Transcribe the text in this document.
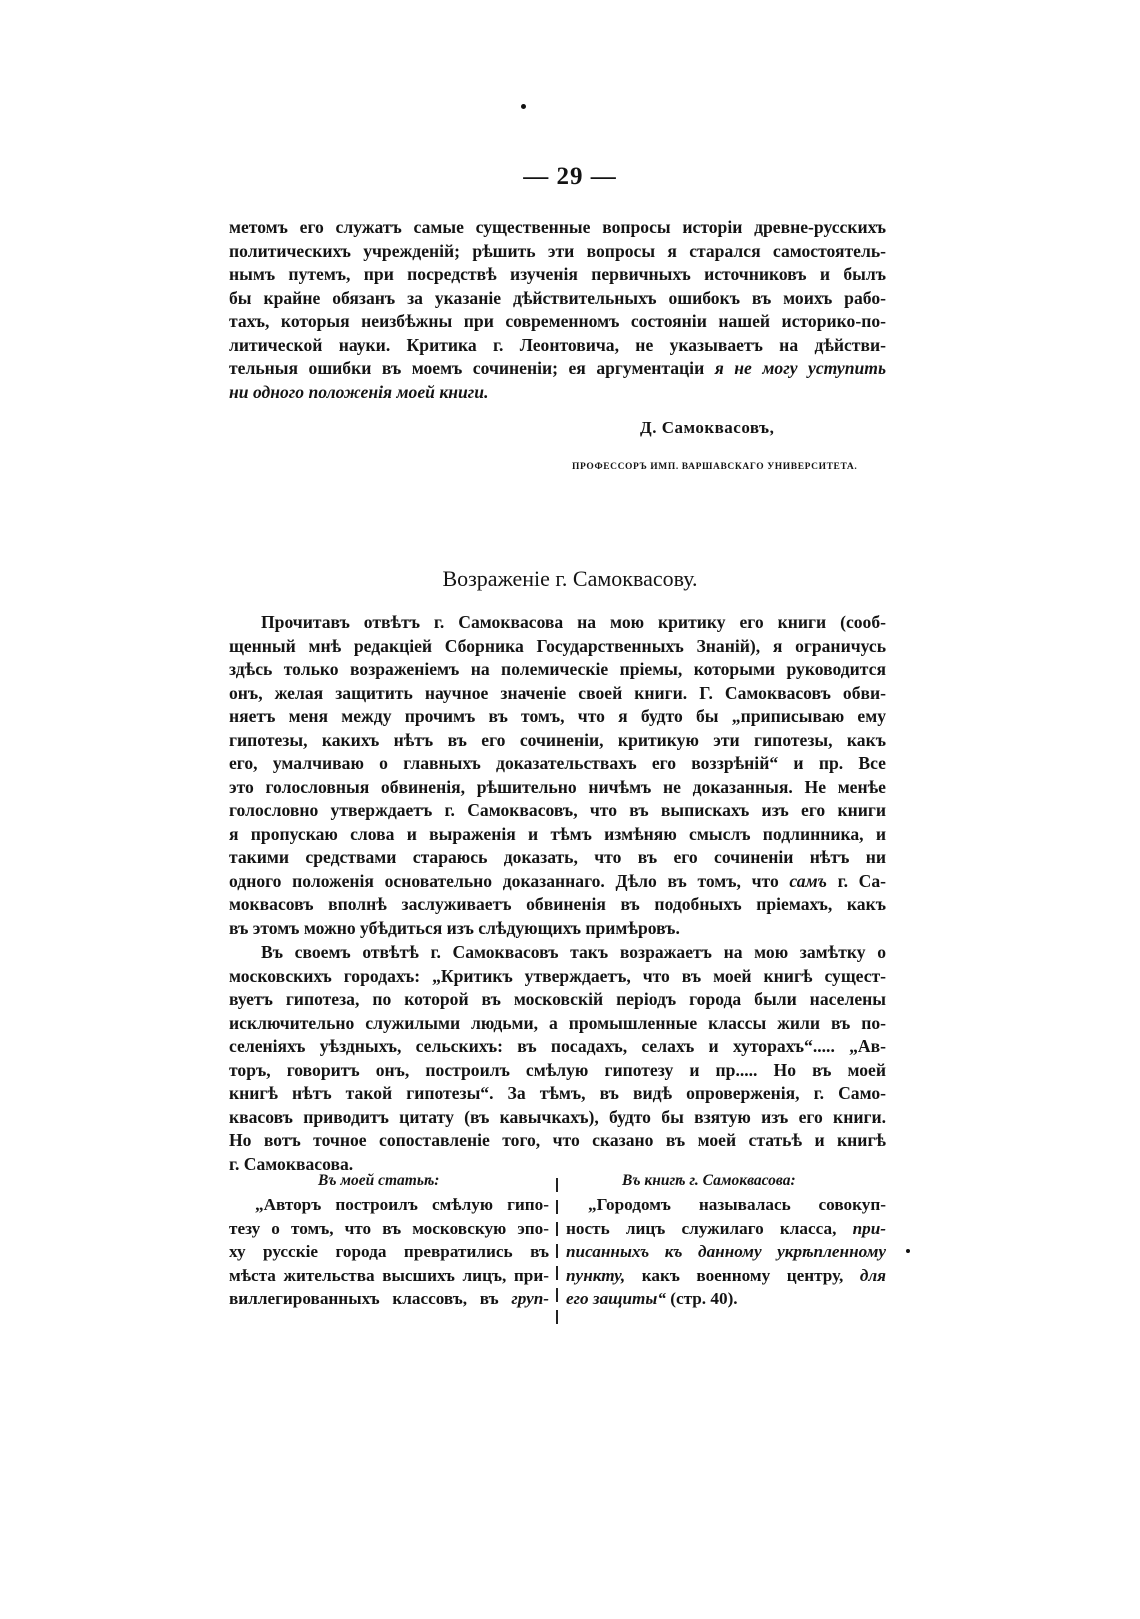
— 29 —
метомъ его служатъ самые существенные вопросы исторіи древне-русскихъ
политическихъ учрежденій; рѣшить эти вопросы я старался самостоятель-
нымъ путемъ, при посредствѣ изученія первичныхъ источниковъ и былъ
бы крайне обязанъ за указаніе дѣйствительныхъ ошибокъ въ моихъ рабо-
тахъ, которыя неизбѣжны при современномъ состояніи нашей историко-по-
литической науки. Критика г. Леонтовича, не указываетъ на дѣйстви-
тельныя ошибки въ моемъ сочиненіи; ея аргументаціи я не могу уступить
ни одного положенія моей книги.
Д. Самоквасовъ,
ПРОФЕССОРЪ ИМП. ВАРШАВСКАГО УНИВЕРСИТЕТА.
Возраженіе г. Самоквасову.
Прочитавъ отвѣтъ г. Самоквасова на мою критику его книги (сооб-
щенный мнѣ редакціей Сборника Государственныхъ Знаній), я ограничусь
здѣсь только возраженіемъ на полемическіе пріемы, которыми руководится
онъ, желая защитить научное значеніе своей книги. Г. Самоквасовъ обви-
няетъ меня между прочимъ въ томъ, что я будто бы „приписываю ему
гипотезы, какихъ нѣтъ въ его сочиненіи, критикую эти гипотезы, какъ
его, умалчиваю о главныхъ доказательствахъ его воззрѣній“ и пр. Все
это голословныя обвиненія, рѣшительно ничѣмъ не доказанныя. Не менѣе
голословно утверждаетъ г. Самоквасовъ, что въ выпискахъ изъ его книги
я пропускаю слова и выраженія и тѣмъ измѣняю смыслъ подлинника, и
такими средствами стараюсь доказать, что въ его сочиненіи нѣтъ ни
одного положенія основательно доказаннаго. Дѣло въ томъ, что самъ г. Са-
моквасовъ вполнѣ заслуживаетъ обвиненія въ подобныхъ пріемахъ, какъ
въ этомъ можно убѣдиться изъ слѣдующихъ примѣровъ.
Въ своемъ отвѣтѣ г. Самоквасовъ такъ возражаетъ на мою замѣтку о
московскихъ городахъ: „Критикъ утверждаетъ, что въ моей книгѣ сущест-
вуетъ гипотеза, по которой въ московскій періодъ города были населены
исключительно служилыми людьми, а промышленные классы жили въ по-
селеніяхъ уѣздныхъ, сельскихъ: въ посадахъ, селахъ и хуторахъ“..... „Ав-
торъ, говоритъ онъ, построилъ смѣлую гипотезу и пр..... Но въ моей
книгѣ нѣтъ такой гипотезы“. За тѣмъ, въ видѣ опроверженія, г. Само-
квасовъ приводитъ цитату (въ кавычкахъ), будто бы взятую изъ его книги.
Но вотъ точное сопоставленіе того, что сказано въ моей статьѣ и книгѣ
г. Самоквасова.
Въ моей статьѣ:	Въ книгѣ г. Самоквасова:
„Авторъ построилъ смѣлую гипо-
тезу о томъ, что въ московскую эпо-
ху русскіе города превратились въ
мѣста жительства высшихъ лицъ, при-
виллегированныхъ классовъ, въ груп-
„Городомъ называлась совокуп-
ность лицъ служилаго класса, при-
писанныхъ къ данному укрѣпленному
пункту, какъ военному центру, для
его защиты“ (стр. 40).
